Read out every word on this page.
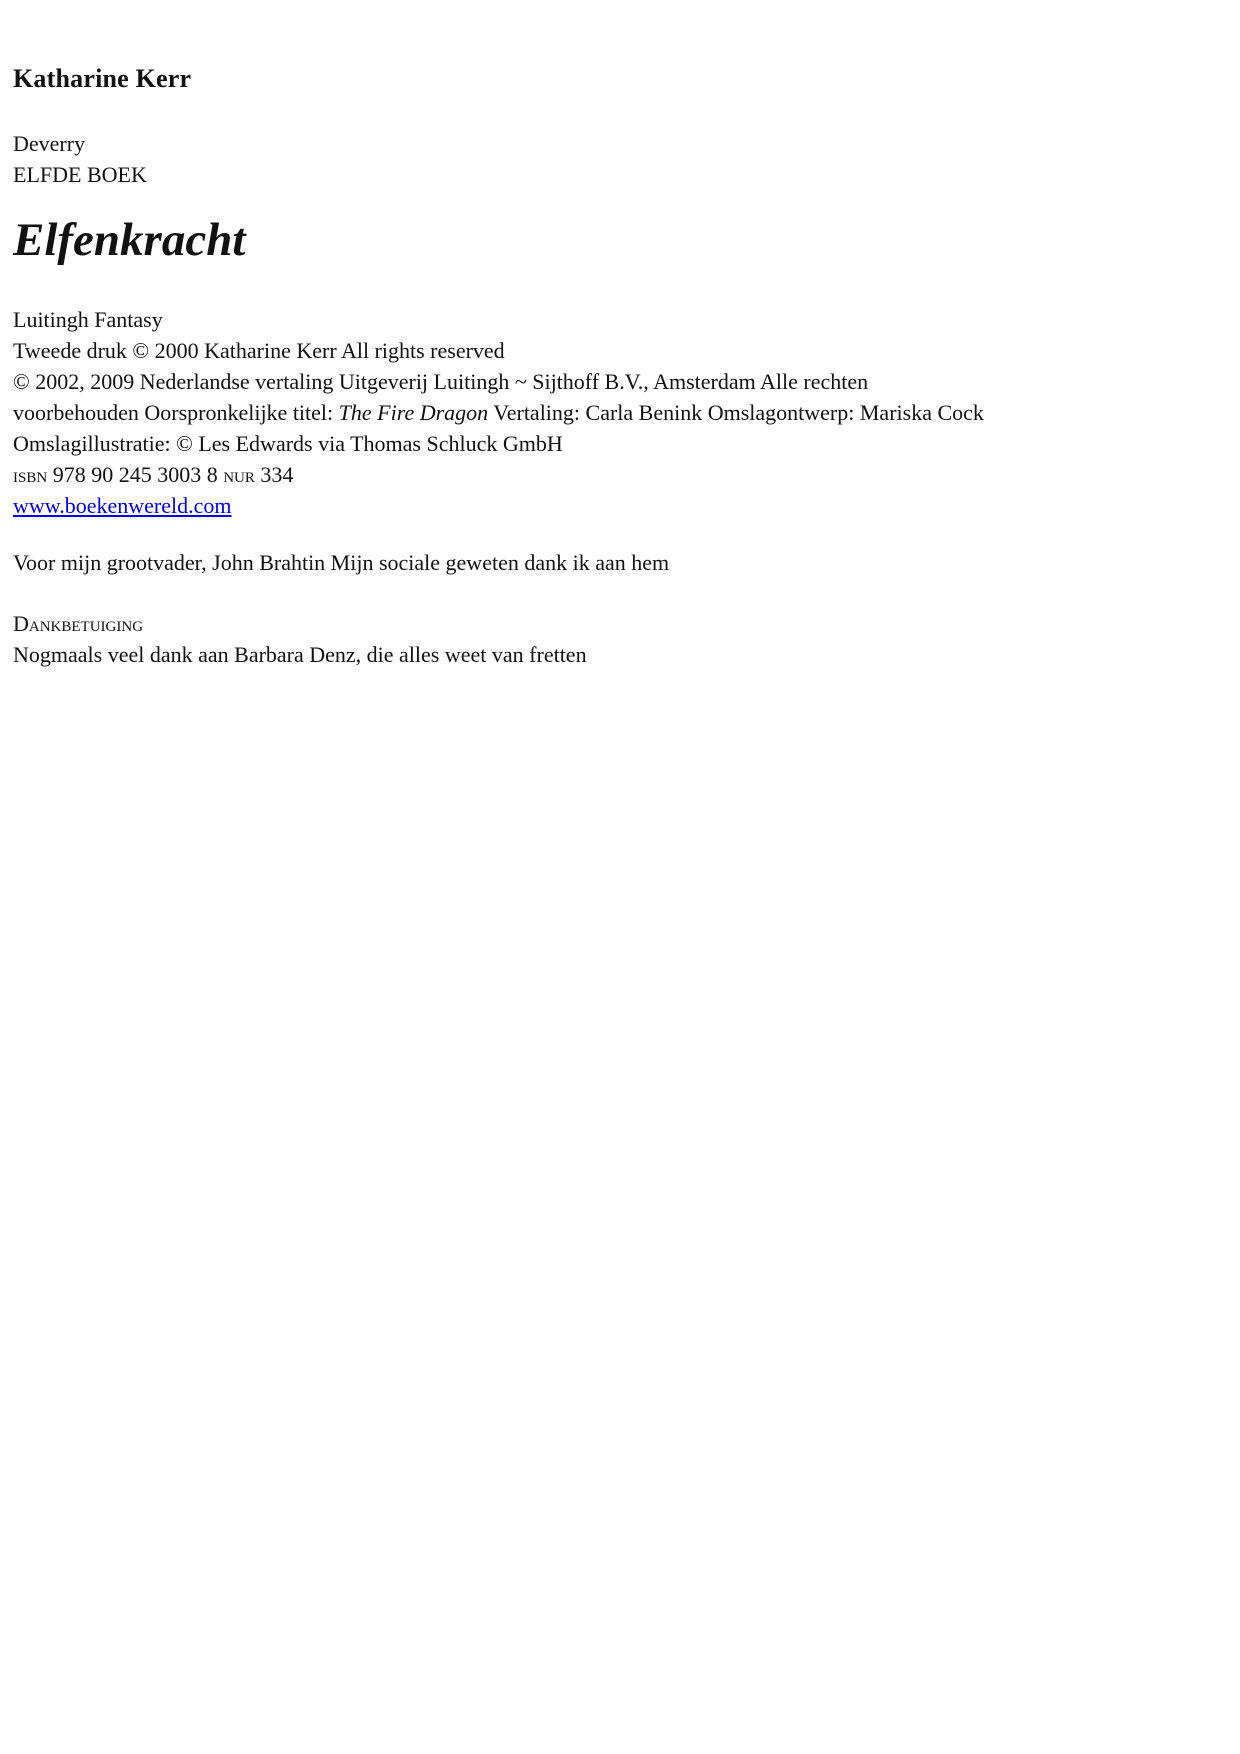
Katharine Kerr
Deverry
ELFDE BOEK
Elfenkracht
Luitingh Fantasy
Tweede druk © 2000 Katharine Kerr All rights reserved
© 2002, 2009 Nederlandse vertaling Uitgeverij Luitingh ~ Sijthoff B.V., Amsterdam Alle rechten
voorbehouden Oorspronkelijke titel: The Fire Dragon Vertaling: Carla Benink Omslagontwerp: Mariska Cock
Omslagillustratie: © Les Edwards via Thomas Schluck GmbH
isbn 978 90 245 3003 8 nur 334
www.boekenwereld.com
Voor mijn grootvader, John Brahtin Mijn sociale geweten dank ik aan hem
Dankbetuiging
Nogmaals veel dank aan Barbara Denz, die alles weet van fretten
